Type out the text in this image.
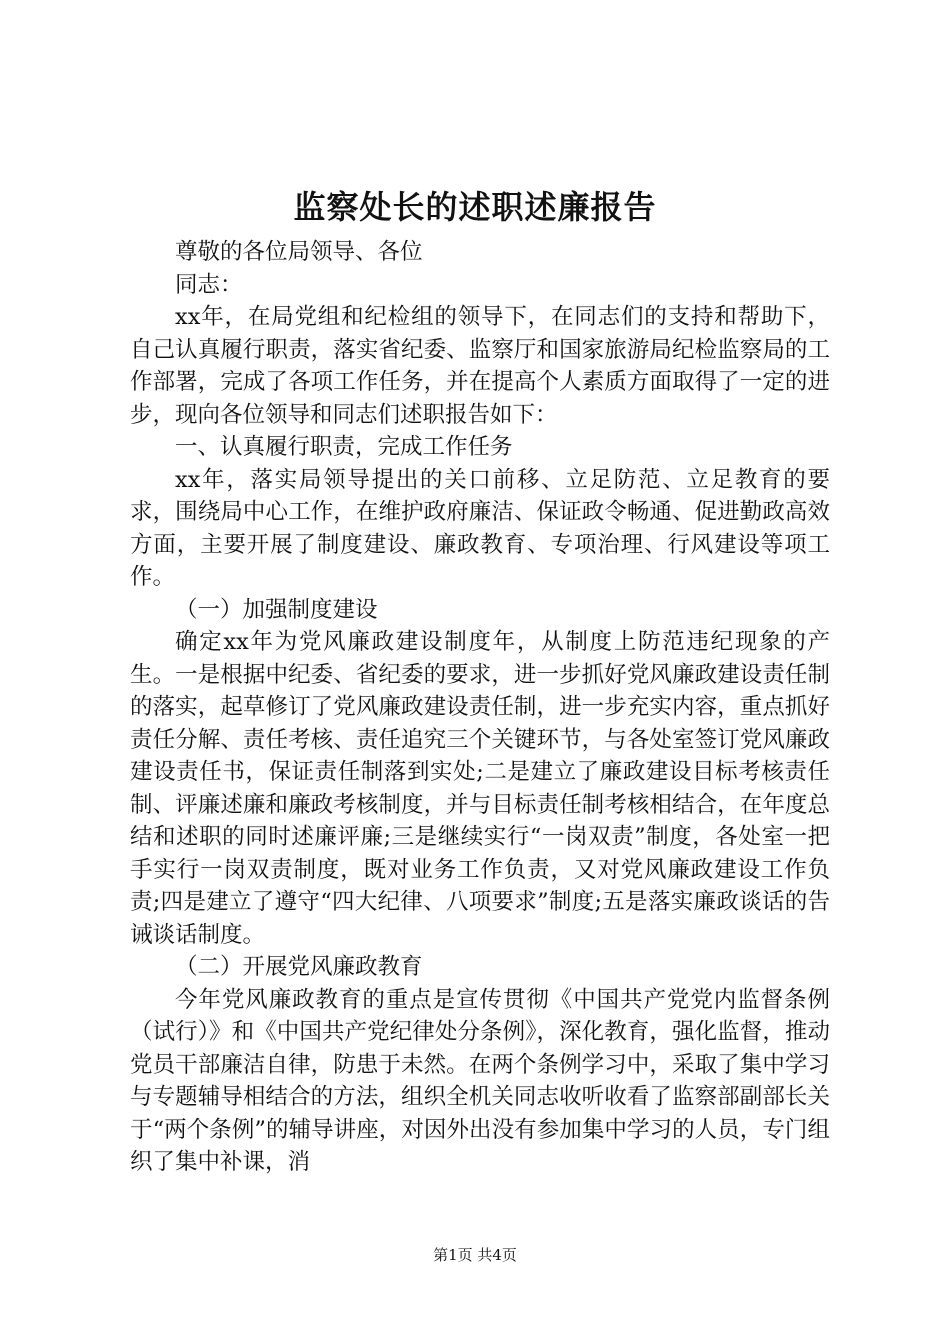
监察处长的述职述廉报告

尊敬的各位局领导、各位

同志：

xx年，在局党组和纪检组的领导下，在同志们的支持和帮助下，自己认真履行职责，落实省纪委、监察厅和国家旅游局纪检监察局的工作部署，完成了各项工作任务，并在提高个人素质方面取得了一定的进步，现向各位领导和同志们述职报告如下：

一、认真履行职责，完成工作任务

xx年，落实局领导提出的关口前移、立足防范、立足教育的要求，围绕局中心工作，在维护政府廉洁、保证政令畅通、促进勤政高效方面，主要开展了制度建设、廉政教育、专项治理、行风建设等项工作。

（一）加强制度建设

确定xx年为党风廉政建设制度年，从制度上防范违纪现象的产生。一是根据中纪委、省纪委的要求，进一步抓好党风廉政建设责任制的落实，起草修订了党风廉政建设责任制，进一步充实内容，重点抓好责任分解、责任考核、责任追究三个关键环节，与各处室签订党风廉政建设责任书，保证责任制落到实处;二是建立了廉政建设目标考核责任制、评廉述廉和廉政考核制度，并与目标责任制考核相结合，在年度总结和述职的同时述廉评廉;三是继续实行“一岗双责”制度，各处室一把手实行一岗双责制度，既对业务工作负责，又对党风廉政建设工作负责;四是建立了遵守“四大纪律、八项要求”制度;五是落实廉政谈话的告诫谈话制度。

（二）开展党风廉政教育

今年党风廉政教育的重点是宣传贯彻《中国共产党党内监督条例（试行）》和《中国共产党纪律处分条例》，深化教育，强化监督，推动党员干部廉洁自律，防患于未然。在两个条例学习中，采取了集中学习与专题辅导相结合的方法，组织全机关同志收听收看了监察部副部长关于“两个条例”的辅导讲座，对因外出没有参加集中学习的人员，专门组织了集中补课，消

第1页 共4页
